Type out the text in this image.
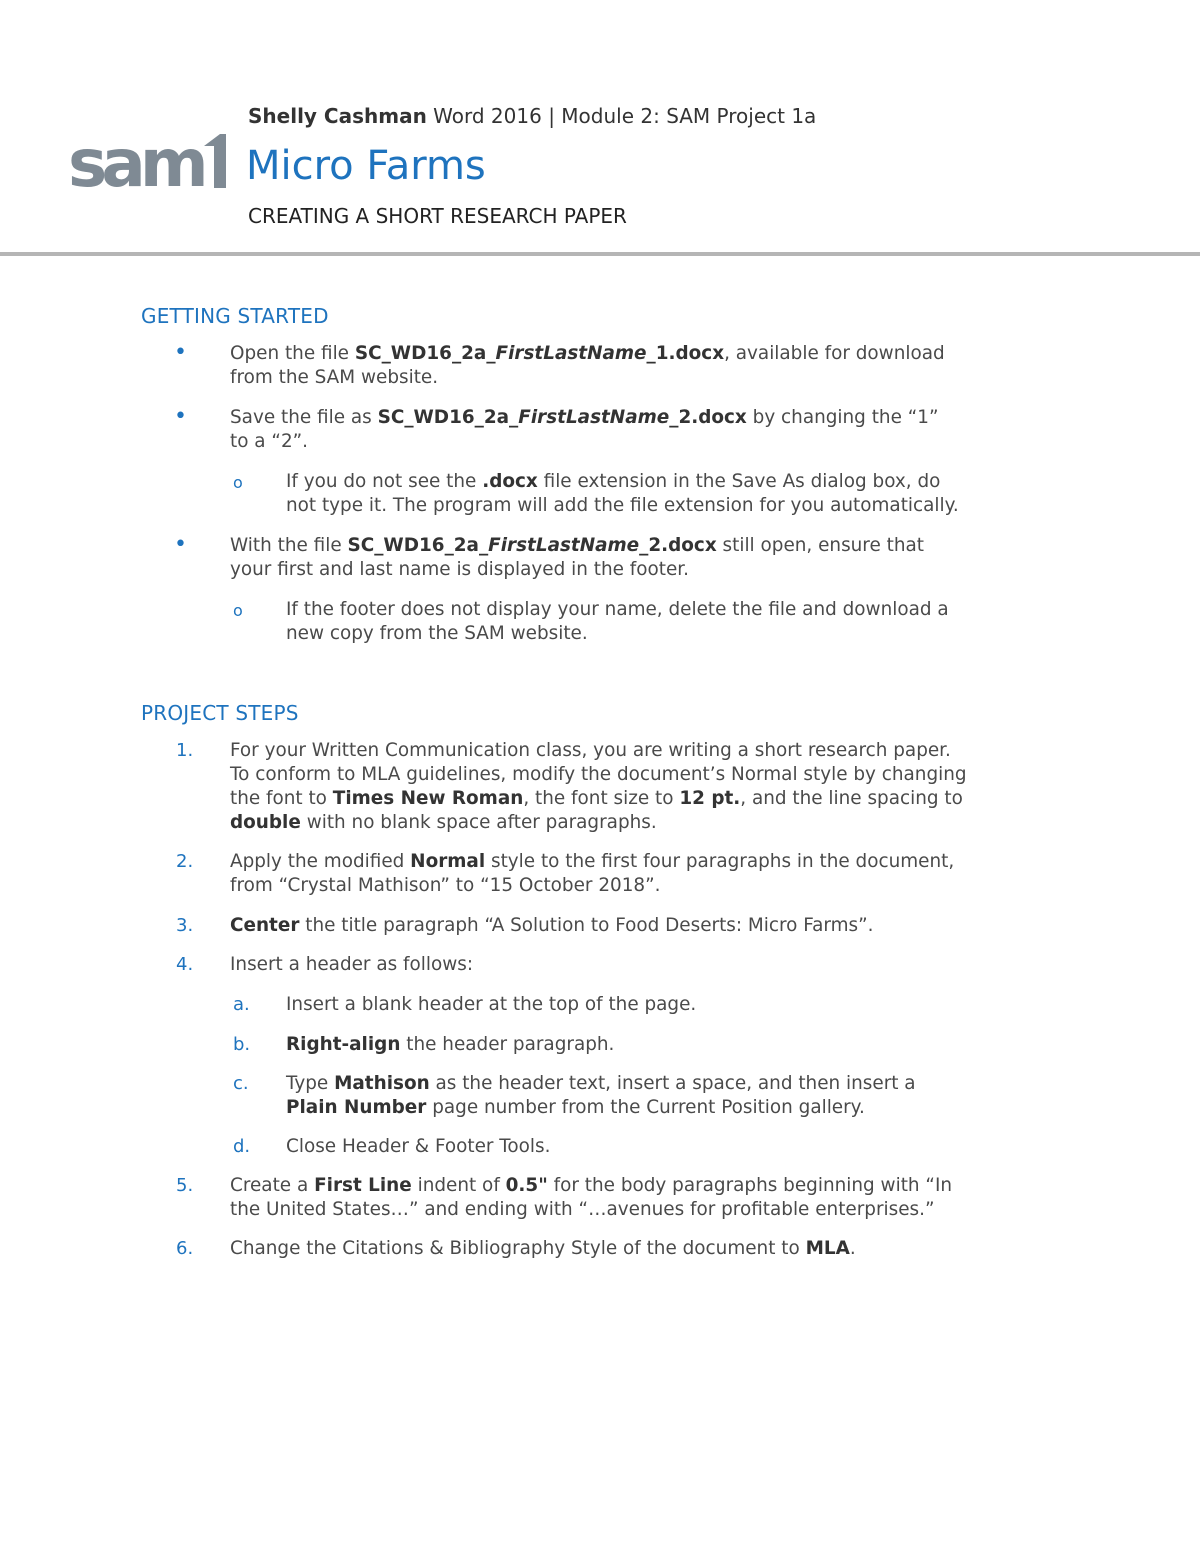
sam
Shelly Cashman Word 2016 | Module 2: SAM Project 1a
Micro Farms
CREATING A SHORT RESEARCH PAPER
GETTING STARTED
• Open the file SC_WD16_2a_FirstLastName_1.docx, available for download
from the SAM website.
• Save the file as SC_WD16_2a_FirstLastName_2.docx by changing the “1”
to a “2”.
o If you do not see the .docx file extension in the Save As dialog box, do
not type it. The program will add the file extension for you automatically.
• With the file SC_WD16_2a_FirstLastName_2.docx still open, ensure that
your first and last name is displayed in the footer.
o If the footer does not display your name, delete the file and download a
new copy from the SAM website.
PROJECT STEPS
1. For your Written Communication class, you are writing a short research paper.
To conform to MLA guidelines, modify the document’s Normal style by changing
the font to Times New Roman, the font size to 12 pt., and the line spacing to
double with no blank space after paragraphs.
2. Apply the modified Normal style to the first four paragraphs in the document,
from “Crystal Mathison” to “15 October 2018”.
3. Center the title paragraph “A Solution to Food Deserts: Micro Farms”.
4. Insert a header as follows:
a. Insert a blank header at the top of the page.
b. Right-align the header paragraph.
c. Type Mathison as the header text, insert a space, and then insert a
Plain Number page number from the Current Position gallery.
d. Close Header & Footer Tools.
5. Create a First Line indent of 0.5" for the body paragraphs beginning with “In
the United States…” and ending with “…avenues for profitable enterprises.”
6. Change the Citations & Bibliography Style of the document to MLA.
